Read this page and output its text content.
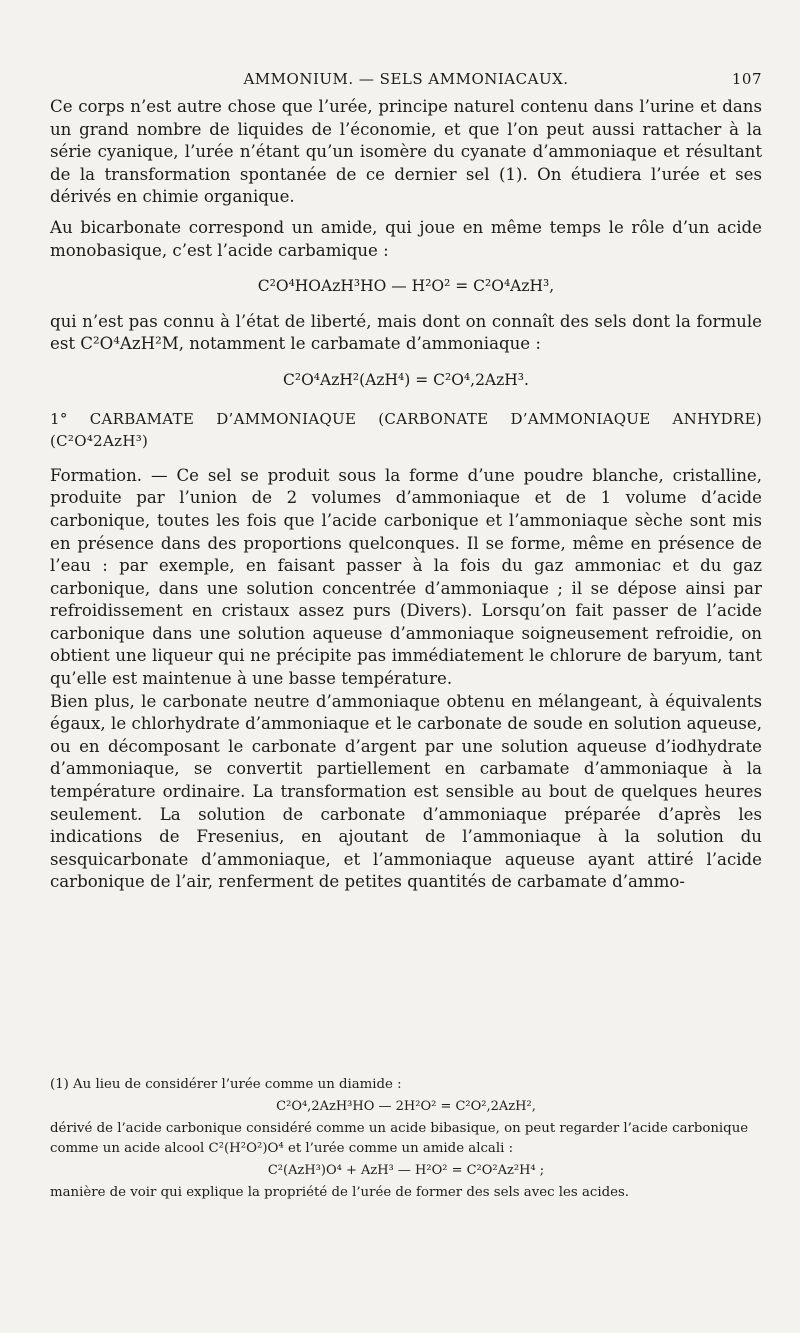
AMMONIUM. — SELS AMMONIACAUX.	107

Ce corps n’est autre chose que l’urée, principe naturel contenu dans l’urine et dans un grand nombre de liquides de l’économie, et que l’on peut aussi rattacher à la série cyanique, l’urée n’étant qu’un isomère du cyanate d’ammoniaque et résultant de la transformation spontanée de ce dernier sel (1). On étudiera l’urée et ses dérivés en chimie organique.

Au bicarbonate correspond un amide, qui joue en même temps le rôle d’un acide monobasique, c’est l’acide carbamique :

C²O⁴HOAzH³HO — H²O² = C²O⁴AzH³,

qui n’est pas connu à l’état de liberté, mais dont on connaît des sels dont la formule est C²O⁴AzH²M, notamment le carbamate d’ammoniaque :

C²O⁴AzH²(AzH⁴) = C²O⁴,2AzH³.
1° CARBAMATE D’AMMONIAQUE (CARBONATE D’AMMONIAQUE ANHYDRE) (C²O⁴2AzH³)

Formation. — Ce sel se produit sous la forme d’une poudre blanche, cristalline, produite par l’union de 2 volumes d’ammoniaque et de 1 volume d’acide carbonique, toutes les fois que l’acide carbonique et l’ammoniaque sèche sont mis en présence dans des proportions quelconques. Il se forme, même en présence de l’eau : par exemple, en faisant passer à la fois du gaz ammoniac et du gaz carbonique, dans une solution concentrée d’ammoniaque ; il se dépose ainsi par refroidissement en cristaux assez purs (Divers). Lorsqu’on fait passer de l’acide carbonique dans une solution aqueuse d’ammoniaque soigneusement refroidie, on obtient une liqueur qui ne précipite pas immédiatement le chlorure de baryum, tant qu’elle est maintenue à une basse température.

Bien plus, le carbonate neutre d’ammoniaque obtenu en mélangeant, à équivalents égaux, le chlorhydrate d’ammoniaque et le carbonate de soude en solution aqueuse, ou en décomposant le carbonate d’argent par une solution aqueuse d’iodhydrate d’ammoniaque, se convertit partiellement en carbamate d’ammoniaque à la température ordinaire. La transformation est sensible au bout de quelques heures seulement. La solution de carbonate d’ammoniaque préparée d’après les indications de Fresenius, en ajoutant de l’ammoniaque à la solution du sesquicarbonate d’ammoniaque, et l’ammoniaque aqueuse ayant attiré l’acide carbonique de l’air, renferment de petites quantités de carbamate d’ammo-

(1) Au lieu de considérer l’urée comme un diamide :
C²O⁴,2AzH³HO — 2H²O² = C²O²,2AzH²,
dérivé de l’acide carbonique considéré comme un acide bibasique, on peut regarder l’acide carbonique comme un acide alcool C²(H²O²)O⁴ et l’urée comme un amide alcali :
C²(AzH³)O⁴ + AzH³ — H²O² = C²O²Az²H⁴ ;
manière de voir qui explique la propriété de l’urée de former des sels avec les acides.
